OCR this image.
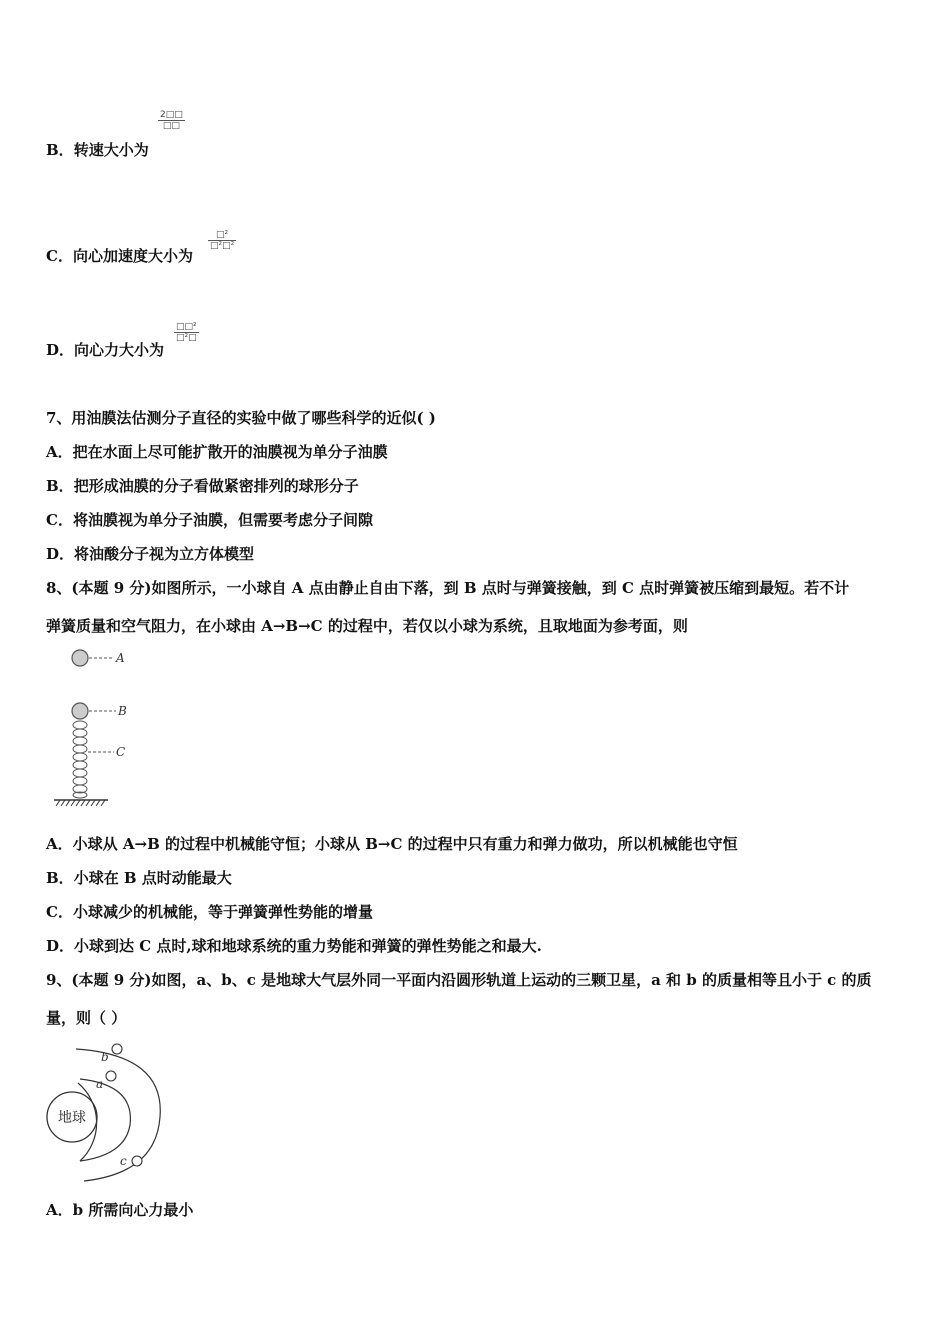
B．转速大小为
2□□
□□
C．向心加速度大小为
□²
□²□²
D．向心力大小为
□□²
□²□
7、用油膜法估测分子直径的实验中做了哪些科学的近似( )
A．把在水面上尽可能扩散开的油膜视为单分子油膜
B．把形成油膜的分子看做紧密排列的球形分子
C．将油膜视为单分子油膜，但需要考虑分子间隙
D．将油酸分子视为立方体模型
8、(本题 9 分)如图所示，一小球自 A 点由静止自由下落，到 B 点时与弹簧接触，到 C 点时弹簧被压缩到最短。若不计
弹簧质量和空气阻力，在小球由 A→B→C 的过程中，若仅以小球为系统，且取地面为参考面，则
A
B
C
A．小球从 A→B 的过程中机械能守恒；小球从 B→C 的过程中只有重力和弹力做功，所以机械能也守恒
B．小球在 B 点时动能最大
C．小球减少的机械能，等于弹簧弹性势能的增量
D．小球到达 C 点时,球和地球系统的重力势能和弹簧的弹性势能之和最大.
9、(本题 9 分)如图，a、b、c 是地球大气层外同一平面内沿圆形轨道上运动的三颗卫星，a 和 b 的质量相等且小于 c 的质
量，则（ ）
地球
b
a
c
A．b 所需向心力最小
